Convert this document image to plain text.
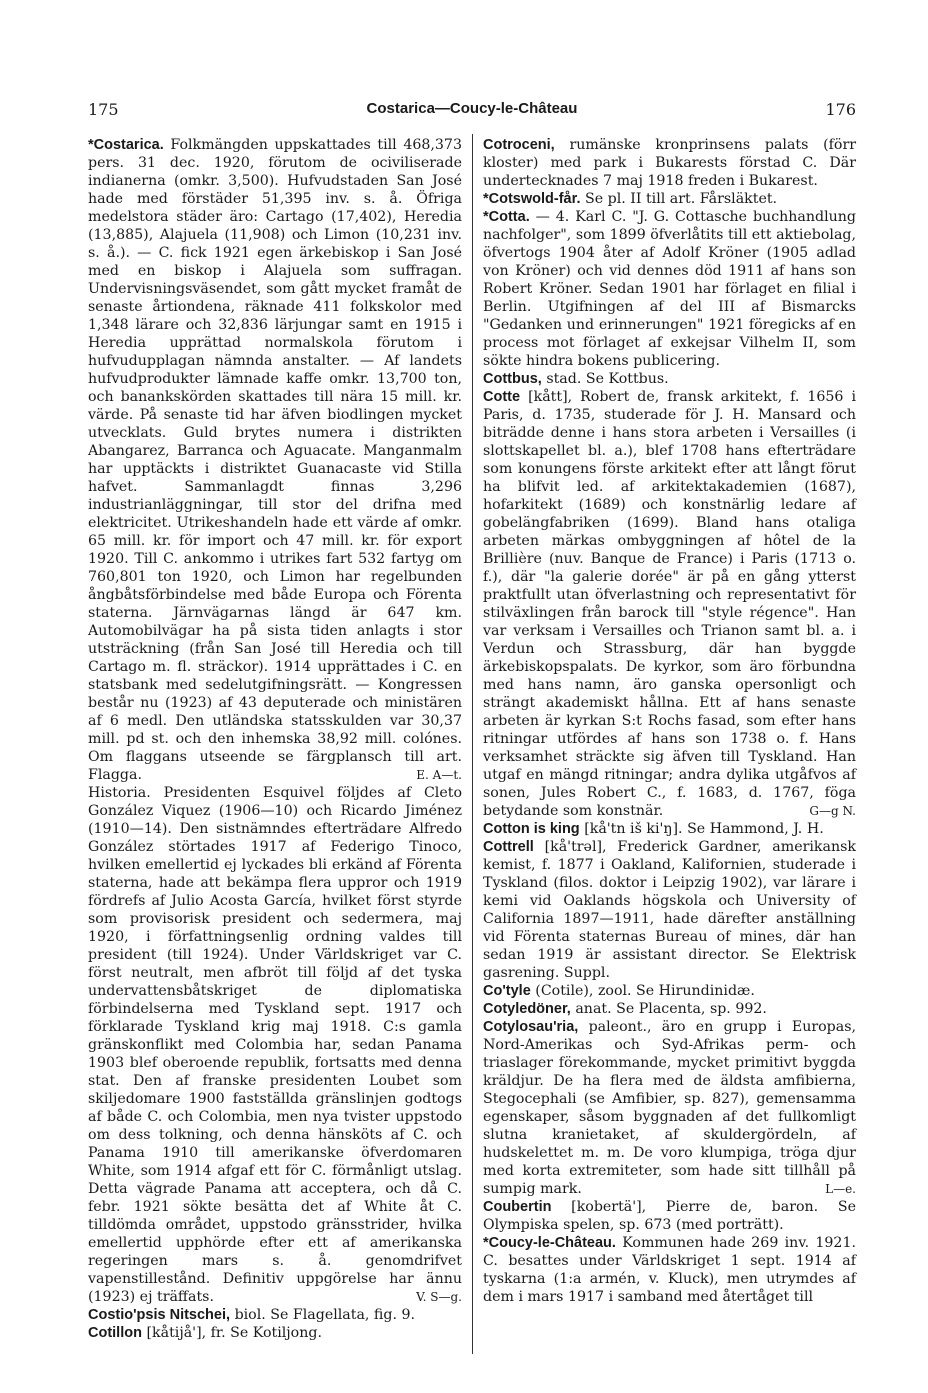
175	Costarica—Coucy-le-Château	176

*Costarica. Folkmängden uppskattades till 468,373 pers. 31 dec. 1920, förutom de ociviliserade indianerna (omkr. 3,500). Hufvudstaden San José hade med förstäder 51,395 inv. s. å. Öfriga medelstora städer äro: Cartago (17,402), Heredia (13,885), Alajuela (11,908) och Limon (10,231 inv. s. å.). — C. fick 1921 egen ärkebiskop i San José med en biskop i Alajuela som suffragan. Undervisningsväsendet, som gått mycket framåt de senaste årtiondena, räknade 411 folkskolor med 1,348 lärare och 32,836 lärjungar samt en 1915 i Heredia upprättad normalskola förutom i hufvudupplagan nämnda anstalter. — Af landets hufvudprodukter lämnade kaffe omkr. 13,700 ton, och banankskörden skattades till nära 15 mill. kr. värde. På senaste tid har äfven biodlingen mycket utvecklats. Guld brytes numera i distrikten Abangarez, Barranca och Aguacate. Manganmalm har upptäckts i distriktet Guanacaste vid Stilla hafvet. Sammanlagdt finnas 3,296 industrianläggningar, till stor del drifna med elektricitet. Utrikeshandeln hade ett värde af omkr. 65 mill. kr. för import och 47 mill. kr. för export 1920. Till C. ankommo i utrikes fart 532 fartyg om 760,801 ton 1920, och Limon har regelbunden ångbåtsförbindelse med både Europa och Förenta staterna. Järnvägarnas längd är 647 km. Automobilvägar ha på sista tiden anlagts i stor utsträckning (från San José till Heredia och till Cartago m. fl. sträckor). 1914 upprättades i C. en statsbank med sedelutgifningsrätt. — Kongressen består nu (1923) af 43 deputerade och ministären af 6 medl. Den utländska statsskulden var 30,37 mill. pd st. och den inhemska 38,92 mill. colónes. Om flaggans utseende se färgplansch till art. Flagga.	E. A—t.

Historia. Presidenten Esquivel följdes af Cleto González Viquez (1906—10) och Ricardo Jiménez (1910—14). Den sistnämndes efterträdare Alfredo González störtades 1917 af Federigo Tinoco, hvilken emellertid ej lyckades bli erkänd af Förenta staterna, hade att bekämpa flera uppror och 1919 fördrefs af Julio Acosta García, hvilket först styrde som provisorisk president och sedermera, maj 1920, i författningsenlig ordning valdes till president (till 1924). Under Världskriget var C. först neutralt, men afbröt till följd af det tyska undervattensbåtskriget de diplomatiska förbindelserna med Tyskland sept. 1917 och förklarade Tyskland krig maj 1918. C:s gamla gränskonflikt med Colombia har, sedan Panama 1903 blef oberoende republik, fortsatts med denna stat. Den af franske presidenten Loubet som skiljedomare 1900 fastställda gränslinjen godtogs af både C. och Colombia, men nya tvister uppstodo om dess tolkning, och denna hänsköts af C. och Panama 1910 till amerikanske öfverdomaren White, som 1914 afgaf ett för C. förmånligt utslag. Detta vägrade Panama att acceptera, och då C. febr. 1921 sökte besätta det af White åt C. tilldömda området, uppstodo gränsstrider, hvilka emellertid upphörde efter ett af amerikanska regeringen mars s. å. genomdrifvet vapenstillestånd. Definitiv uppgörelse har ännu (1923) ej träffats.	V. S—g.

Costio'psis Nitschei, biol. Se Flagellata, fig. 9.

Cotillon [kåtijå'], fr. Se Kotiljong.

Cotroceni, rumänske kronprinsens palats (förr kloster) med park i Bukarests förstad C. Där undertecknades 7 maj 1918 freden i Bukarest.

*Cotswold-får. Se pl. II till art. Fårsläktet.

*Cotta. — 4. Karl C. "J. G. Cottasche buchhandlung nachfolger", som 1899 öfverlåtits till ett aktiebolag, öfvertogs 1904 åter af Adolf Kröner (1905 adlad von Kröner) och vid dennes död 1911 af hans son Robert Kröner. Sedan 1901 har förlaget en filial i Berlin. Utgifningen af del III af Bismarcks "Gedanken und erinnerungen" 1921 föregicks af en process mot förlaget af exkejsar Vilhelm II, som sökte hindra bokens publicering.

Cottbus, stad. Se Kottbus.

Cotte [kått], Robert de, fransk arkitekt, f. 1656 i Paris, d. 1735, studerade för J. H. Mansard och biträdde denne i hans stora arbeten i Versailles (i slottskapellet bl. a.), blef 1708 hans efterträdare som konungens förste arkitekt efter att långt förut ha blifvit led. af arkitektakademien (1687), hofarkitekt (1689) och konstnärlig ledare af gobelängfabriken (1699). Bland hans otaliga arbeten märkas ombyggningen af hôtel de la Brillière (nuv. Banque de France) i Paris (1713 o. f.), där "la galerie dorée" är på en gång ytterst praktfullt utan öfverlastning och representativt för stilväxlingen från barock till "style régence". Han var verksam i Versailles och Trianon samt bl. a. i Verdun och Strassburg, där han byggde ärkebiskopspalats. De kyrkor, som äro förbundna med hans namn, äro ganska opersonligt och strängt akademiskt hållna. Ett af hans senaste arbeten är kyrkan S:t Rochs fasad, som efter hans ritningar utfördes af hans son 1738 o. f. Hans verksamhet sträckte sig äfven till Tyskland. Han utgaf en mängd ritningar; andra dylika utgåfvos af sonen, Jules Robert C., f. 1683, d. 1767, föga betydande som konstnär.	G—g N.

Cotton is king [kå'tn iš ki'ŋ]. Se Hammond, J. H.

Cottrell [kå'trəl], Frederick Gardner, amerikansk kemist, f. 1877 i Oakland, Kalifornien, studerade i Tyskland (filos. doktor i Leipzig 1902), var lärare i kemi vid Oaklands högskola och University of California 1897—1911, hade därefter anställning vid Förenta staternas Bureau of mines, där han sedan 1919 är assistant director. Se Elektrisk gasrening. Suppl.

Co'tyle (Cotile), zool. Se Hirundinidæ.

Cotyledöner, anat. Se Placenta, sp. 992.

Cotylosau'ria, paleont., äro en grupp i Europas, Nord-Amerikas och Syd-Afrikas perm- och triaslager förekommande, mycket primitivt byggda kräldjur. De ha flera med de äldsta amfibierna, Stegocephali (se Amfibier, sp. 827), gemensamma egenskaper, såsom byggnaden af det fullkomligt slutna kranietaket, af skuldergördeln, af hudskelettet m. m. De voro klumpiga, tröga djur med korta extremiteter, som hade sitt tillhåll på sumpig mark.	L—e.

Coubertin [kobertä'], Pierre de, baron. Se Olympiska spelen, sp. 673 (med porträtt).

*Coucy-le-Château. Kommunen hade 269 inv. 1921. C. besattes under Världskriget 1 sept. 1914 af tyskarna (1:a armén, v. Kluck), men utrymdes af dem i mars 1917 i samband med återtåget till
